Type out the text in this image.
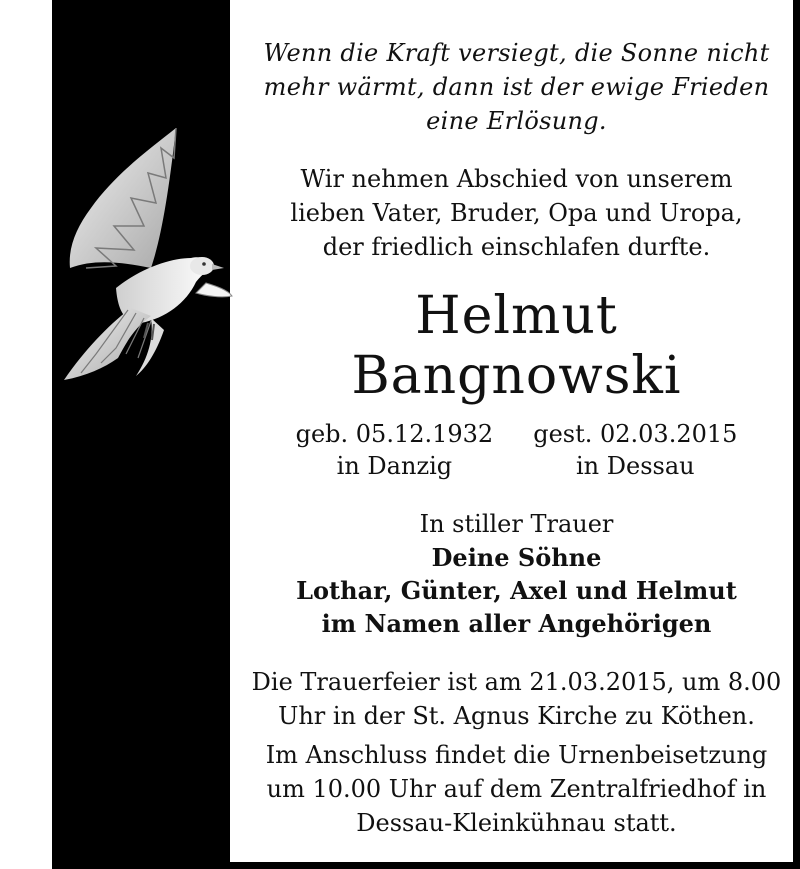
Wenn die Kraft versiegt, die Sonne nicht
mehr wärmt, dann ist der ewige Frieden
eine Erlösung.
Wir nehmen Abschied von unserem
lieben Vater, Bruder, Opa und Uropa,
der friedlich einschlafen durfte.
Helmut
Bangnowski
geb. 05.12.1932
in Danzig
gest. 02.03.2015
in Dessau
In stiller Trauer
Deine Söhne
Lothar, Günter, Axel und Helmut
im Namen aller Angehörigen
Die Trauerfeier ist am 21.03.2015, um 8.00
Uhr in der St. Agnus Kirche zu Köthen.
Im Anschluss findet die Urnenbeisetzung
um 10.00 Uhr auf dem Zentralfriedhof in
Dessau-Kleinkühnau statt.
